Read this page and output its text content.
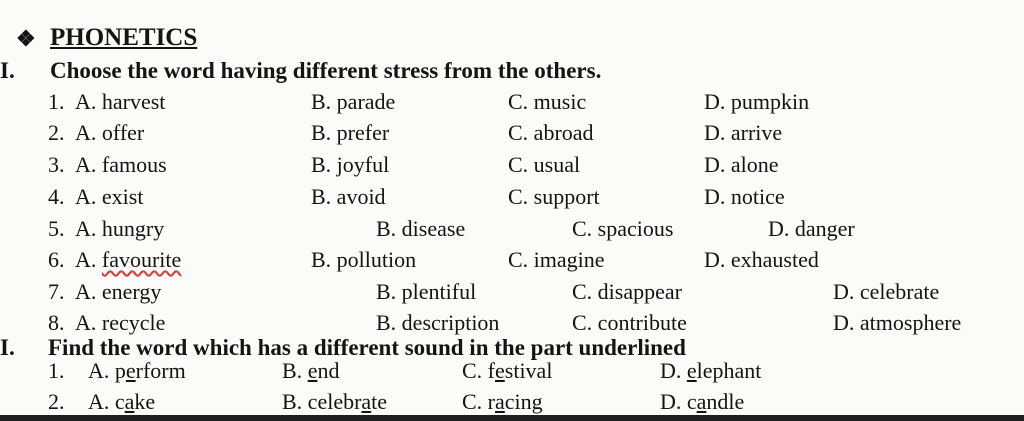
❖ PHONETICS
I. Choose the word having different stress from the others.
1. A. harvest	B. parade	C. music	D. pumpkin
2. A. offer	B. prefer	C. abroad	D. arrive
3. A. famous	B. joyful	C. usual	D. alone
4. A. exist	B. avoid	C. support	D. notice
5. A. hungry	B. disease	C. spacious	D. danger
6. A. favourite	B. pollution	C. imagine	D. exhausted
7. A. energy	B. plentiful	C. disappear	D. celebrate
8. A. recycle	B. description	C. contribute	D. atmosphere
I. Find the word which has a different sound in the part underlined
1. A. perform	B. end	C. festival	D. elephant
2. A. cake	B. celebrate	C. racing	D. candle
